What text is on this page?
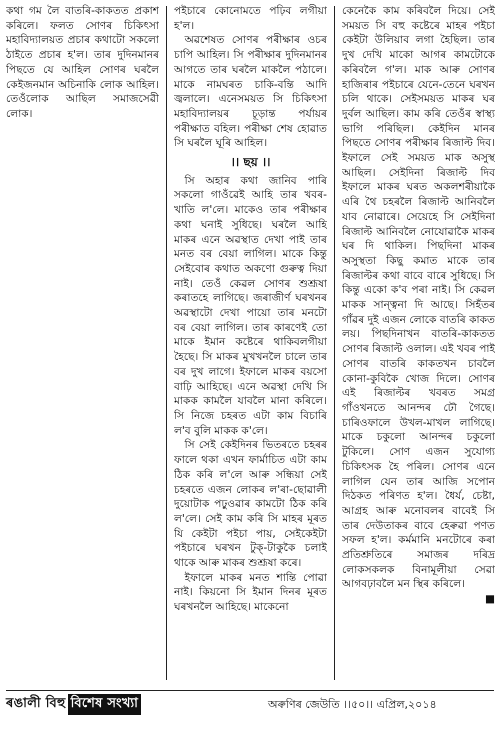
কথা গম লৈ বাতৰি-কাকতত প্ৰকাশ কৰিলে। ফলত সোণৰ চিকিৎসা মহাবিদ্যালয়ত প্ৰচাৰ কথাটো সকলো ঠাইতে প্ৰচাৰ হ'ল। তাৰ দুদিনমানৰ পিছতে যে আহিল সোণৰ ঘৰলৈ কেইজনমান অচিনাকি লোক আহিল। তেওঁলোক আছিল সমাজসেৱী লোক।

পইচাৰে কোনোমতে পঢ়িব লগীয়া হ'ল।

অৱশেষত সোণৰ পৰীক্ষাৰ ওচৰ চাপি আহিল। সি পৰীক্ষাৰ দুদিনমানৰ আগতে তাৰ ঘৰলৈ মাকলৈ পঠালে। মাকে নামঘৰত চাকি-বন্তি আদি জ্বলালে। এনেসময়ত সি চিকিৎসা মহাবিদ্যালয়ৰ চূড়ান্ত পৰ্যায়ৰ পৰীক্ষাত বহিল। পৰীক্ষা শেষ হোৱাত সি ঘৰলৈ ঘূৰি আহিল।

।। ছয় ।।

সি অহাৰ কথা জানিব পাৰি সকলো গাওঁৱেই আহি তাৰ খবৰ-খাতি ল'লে। মাকেও তাৰ পৰীক্ষাৰ কথা ঘনাই সুধিছে। ঘৰলৈ আহি মাকৰ এনে অৱস্থাত দেখা পাই তাৰ মনত বৰ বেয়া লাগিল। মাকে কিন্তু সেইবোৰ কথাত অকণো গুৰুত্ব দিয়া নাই। তেওঁ কেৱল সোণৰ শুশ্ৰূষা কৰাতহে লাগিছে। জৰাজীৰ্ণ ঘৰখনৰ অৱস্থাটো দেখা পায়ো তাৰ মনটো বৰ বেয়া লাগিল। তাৰ কাৰণেই তো মাকে ইমান কষ্টেৰে থাকিবলগীয়া হৈছে। সি মাকৰ মুখখনলৈ চালে তাৰ বৰ দুখ লাগে। ইফালে মাকৰ বয়সো বাঢ়ি আহিছে। এনে অৱস্থা দেখি সি মাকক কামলৈ যাবলৈ মানা কৰিলে। সি নিজে চহৰত এটা কাম বিচাৰি ল'ব বুলি মাকক ক'লে।

সি সেই কেইদিনৰ ভিতৰতে চহৰৰ ফালে থকা এখন ফাৰ্মাচিত এটা কাম ঠিক কৰি ল'লে আৰু সন্ধিয়া সেই চহৰতে এজন লোকৰ ল'ৰা-ছোৱালী দুয়োটাক পঢ়ুওৱাৰ কামটো ঠিক কৰি ল'লে। সেই কাম কৰি সি মাহৰ মূৰত যি কেইটা পইচা পায়, সেইকেইটা পইচাৰে ঘৰখন টুক্-টাকুকৈ চলাই থাকে আৰু মাকৰ শুশ্ৰূষা কৰে।

ইফালে মাকৰ মনত শান্তি পোৱা নাই। কিয়নো সি ইমান দিনৰ মূৰত ঘৰখনলৈ আহিছে। মাকেনো

কেনেকৈ কাম কৰিবলৈ দিয়ে। সেই সময়ত সি বহু কষ্টেৰে মাহৰ পইচা কেইটা উলিয়াব লগা হৈছিল। তাৰ দুখ দেখি মাকো আগৰ কামটোকে কৰিবলৈ গ'ল। মাক আৰু সোণৰ হাজিৰাৰ পইচাৰে যেনে-তেনে ঘৰখন চলি থাকে। সেইসময়ত মাকৰ ঘৰ দুৰ্বল আছিল। কাম কৰি তেওঁৰ স্বাস্থ্য ভাগি পৰিছিল। কেইদিন মানৰ পিছতে সোণৰ পৰীক্ষাৰ ৰিজাল্ট দিব। ইফালে সেই সময়ত মাক অসুস্থ আছিল। সেইদিনা ৰিজাল্ট দিব ইফালে মাকৰ ঘৰত অকলশৰীয়াকৈ এৰি থৈ চহৰলৈ ৰিজাল্ট আনিবলৈ যাব নোৱাৰে। সেয়েহে সি সেইদিনা ৰিজাল্ট আনিবলৈ নোযোৱাকৈ মাকৰ ঘৰ দি থাকিল। পিছদিনা মাকৰ অসুস্থতা কিছু কমাত মাকে তাৰ ৰিজাল্টৰ কথা বাবে বাৰে সুধিছে। সি কিন্তু একো ক'ব পৰা নাই। সি কেৱল মাকক সান্ত্বনা দি আছে। সিহঁতৰ গাঁৱৰ দুই এজন লোকে বাতৰি কাকত লয়। পিছদিনাখন বাতৰি-কাকতত সোণৰ ৰিজাল্ট ওলাল। এই খবৰ পাই সোণৰ বাতৰি কাকতখন চাবলৈ কোনা-কুবিকৈ খোজ দিলে। সোণৰ এই ৰিজাল্টৰ খবৰত সমগ্ৰ গাঁওখনতে আনন্দৰ ঢৌ গৈছে। চাৰিওফালে উখল-মাখল লাগিছে। মাকে চকুলো আনন্দৰ চকুলো টুকিলে। সোণ এজন সুযোগ্য চিকিৎসক হৈ পৰিল। সোণৰ এনে লাগিল যেন তাৰ আজি সপোন দিঠকত পৰিণত হ'ল। ধৈৰ্য, চেষ্টা, আগ্ৰহ আৰু মনোবলৰ বাবেই সি তাৰ দেউতাকৰ বাবে হেৰুৱা পণত সফল হ'ল। কৰ্মমানি মনটোৰে কৰা প্ৰতিশ্ৰুতিৰে সমাজৰ দৰিদ্ৰ লোকসকলক বিনামূলীয়া সেৱা আগবঢ়াবলৈ মন স্থিৰ কৰিলে।

■

ৰঙালী বিহু বিশেষ সংখ্যা	অৰুণিৰ জেউতি ।।৫০।। এপ্ৰিল,২০১৪
